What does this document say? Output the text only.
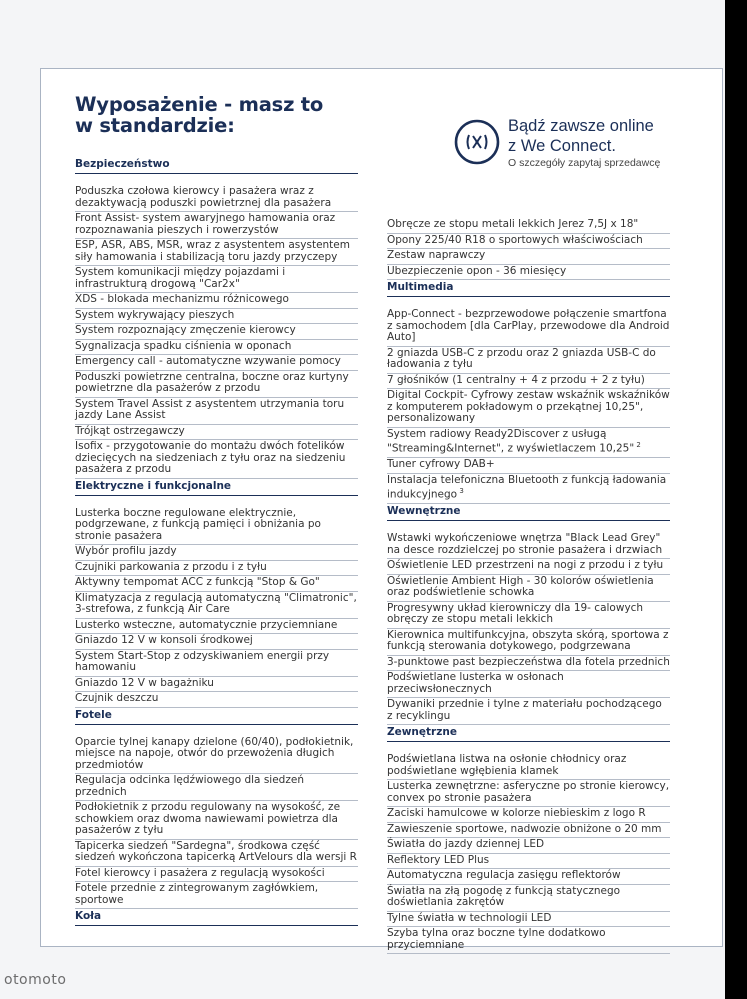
Wyposażenie - masz to
w standardzie:	Bądź zawsze online
z We Connect.
O szczegóły zapytaj sprzedawcę
Bezpieczeństwo
Poduszka czołowa kierowcy i pasażera wraz z dezaktywacją poduszki powietrznej dla pasażera
Front Assist- system awaryjnego hamowania oraz rozpoznawania pieszych i rowerzystów
ESP, ASR, ABS, MSR, wraz z asystentem asystentem siły hamowania i stabilizacją toru jazdy przyczepy
System komunikacji między pojazdami i infrastrukturą drogową "Car2x"
XDS - blokada mechanizmu różnicowego
System wykrywający pieszych
System rozpoznający zmęczenie kierowcy
Sygnalizacja spadku ciśnienia w oponach
Emergency call - automatyczne wzywanie pomocy
Poduszki powietrzne centralna, boczne oraz kurtyny powietrzne dla pasażerów z przodu
System Travel Assist z asystentem utrzymania toru jazdy Lane Assist
Trójkąt ostrzegawczy
Isofix - przygotowanie do montażu dwóch fotelików dziecięcych na siedzeniach z tyłu oraz na siedzeniu pasażera z przodu
Elektryczne i funkcjonalne
Lusterka boczne regulowane elektrycznie, podgrzewane, z funkcją pamięci i obniżania po stronie pasażera
Wybór profilu jazdy
Czujniki parkowania z przodu i z tyłu
Aktywny tempomat ACC z funkcją "Stop & Go"
Klimatyzacja z regulacją automatyczną "Climatronic", 3-strefowa, z funkcją Air Care
Lusterko wsteczne, automatycznie przyciemniane
Gniazdo 12 V w konsoli środkowej
System Start-Stop z odzyskiwaniem energii przy hamowaniu
Gniazdo 12 V w bagażniku
Czujnik deszczu
Fotele
Oparcie tylnej kanapy dzielone (60/40), podłokietnik, miejsce na napoje, otwór do przewożenia długich przedmiotów
Regulacja odcinka lędźwiowego dla siedzeń przednich
Podłokietnik z przodu regulowany na wysokość, ze schowkiem oraz dwoma nawiewami powietrza dla pasażerów z tyłu
Tapicerka siedzeń "Sardegna", środkowa część siedzeń wykończona tapicerką ArtVelours dla wersji R
Fotel kierowcy i pasażera z regulacją wysokości
Fotele przednie z zintegrowanym zagłówkiem, sportowe
Koła
Obręcze ze stopu metali lekkich Jerez 7,5J x 18"
Opony 225/40 R18 o sportowych właściwościach
Zestaw naprawczy
Ubezpieczenie opon - 36 miesięcy
Multimedia
App-Connect - bezprzewodowe połączenie smartfona z samochodem [dla CarPlay, przewodowe dla Android Auto]
2 gniazda USB-C z przodu oraz 2 gniazda USB-C do ładowania z tyłu
7 głośników (1 centralny + 4 z przodu + 2 z tyłu)
Digital Cockpit- Cyfrowy zestaw wskaźnik wskaźników z komputerem pokładowym o przekątnej 10,25", personalizowany
System radiowy Ready2Discover z usługą "Streaming&Internet", z wyświetlaczem 10,25" $^2$
Tuner cyfrowy DAB+
Instalacja telefoniczna Bluetooth z funkcją ładowania indukcyjnego $^3$
Wewnętrzne
Wstawki wykończeniowe wnętrza "Black Lead Grey" na desce rozdzielczej po stronie pasażera i drzwiach
Oświetlenie LED przestrzeni na nogi z przodu i z tyłu
Oświetlenie Ambient High - 30 kolorów oświetlenia oraz podświetlenie schowka
Progresywny układ kierowniczy dla 19- calowych obręczy ze stopu metali lekkich
Kierownica multifunkcyjna, obszyta skórą, sportowa z funkcją sterowania dotykowego, podgrzewana
3-punktowe past bezpieczeństwa dla fotela przednich
Podświetlane lusterka w osłonach przeciwsłonecznych
Dywaniki przednie i tylne z materiału pochodzącego z recyklingu
Zewnętrzne
Podświetlana listwa na osłonie chłodnicy oraz podświetlane wgłębienia klamek
Lusterka zewnętrzne: asferyczne po stronie kierowcy, convex po stronie pasażera
Zaciski hamulcowe w kolorze niebieskim z logo R
Zawieszenie sportowe, nadwozie obniżone o 20 mm
Światła do jazdy dziennej LED
Reflektory LED Plus
Automatyczna regulacja zasięgu reflektorów
Światła na złą pogodę z funkcją statycznego doświetlania zakrętów
Tylne światła w technologii LED
Szyba tylna oraz boczne tylne dodatkowo przyciemniane
otomoto
